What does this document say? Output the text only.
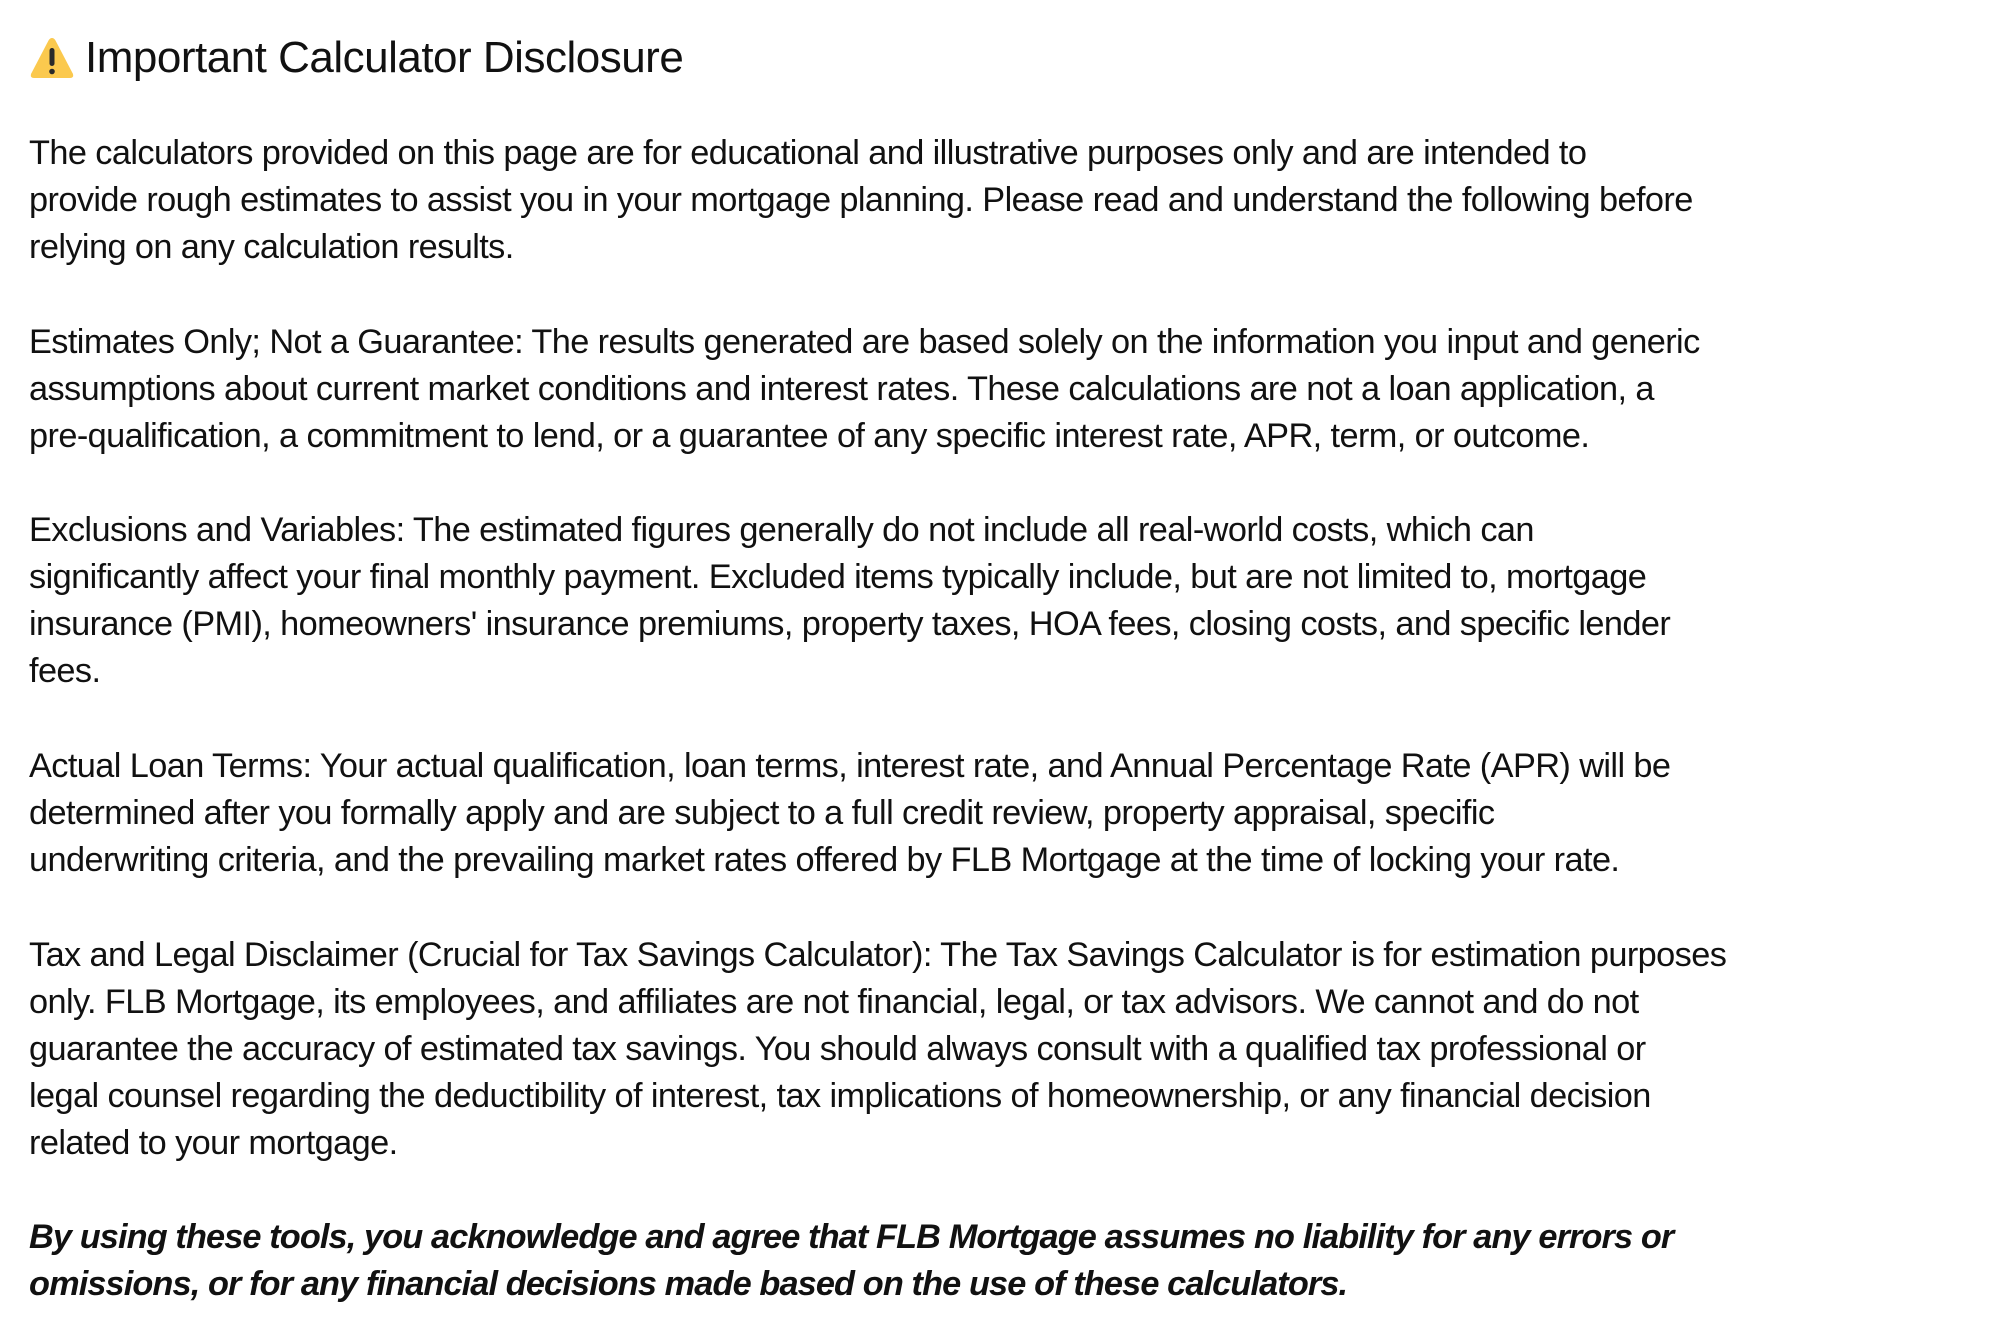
Important Calculator Disclosure

The calculators provided on this page are for educational and illustrative purposes only and are intended to
provide rough estimates to assist you in your mortgage planning. Please read and understand the following before
relying on any calculation results.

Estimates Only; Not a Guarantee: The results generated are based solely on the information you input and generic
assumptions about current market conditions and interest rates. These calculations are not a loan application, a
pre-qualification, a commitment to lend, or a guarantee of any specific interest rate, APR, term, or outcome.

Exclusions and Variables: The estimated figures generally do not include all real-world costs, which can
significantly affect your final monthly payment. Excluded items typically include, but are not limited to, mortgage
insurance (PMI), homeowners' insurance premiums, property taxes, HOA fees, closing costs, and specific lender
fees.

Actual Loan Terms: Your actual qualification, loan terms, interest rate, and Annual Percentage Rate (APR) will be
determined after you formally apply and are subject to a full credit review, property appraisal, specific
underwriting criteria, and the prevailing market rates offered by FLB Mortgage at the time of locking your rate.

Tax and Legal Disclaimer (Crucial for Tax Savings Calculator): The Tax Savings Calculator is for estimation purposes
only. FLB Mortgage, its employees, and affiliates are not financial, legal, or tax advisors. We cannot and do not
guarantee the accuracy of estimated tax savings. You should always consult with a qualified tax professional or
legal counsel regarding the deductibility of interest, tax implications of homeownership, or any financial decision
related to your mortgage.

By using these tools, you acknowledge and agree that FLB Mortgage assumes no liability for any errors or
omissions, or for any financial decisions made based on the use of these calculators.
